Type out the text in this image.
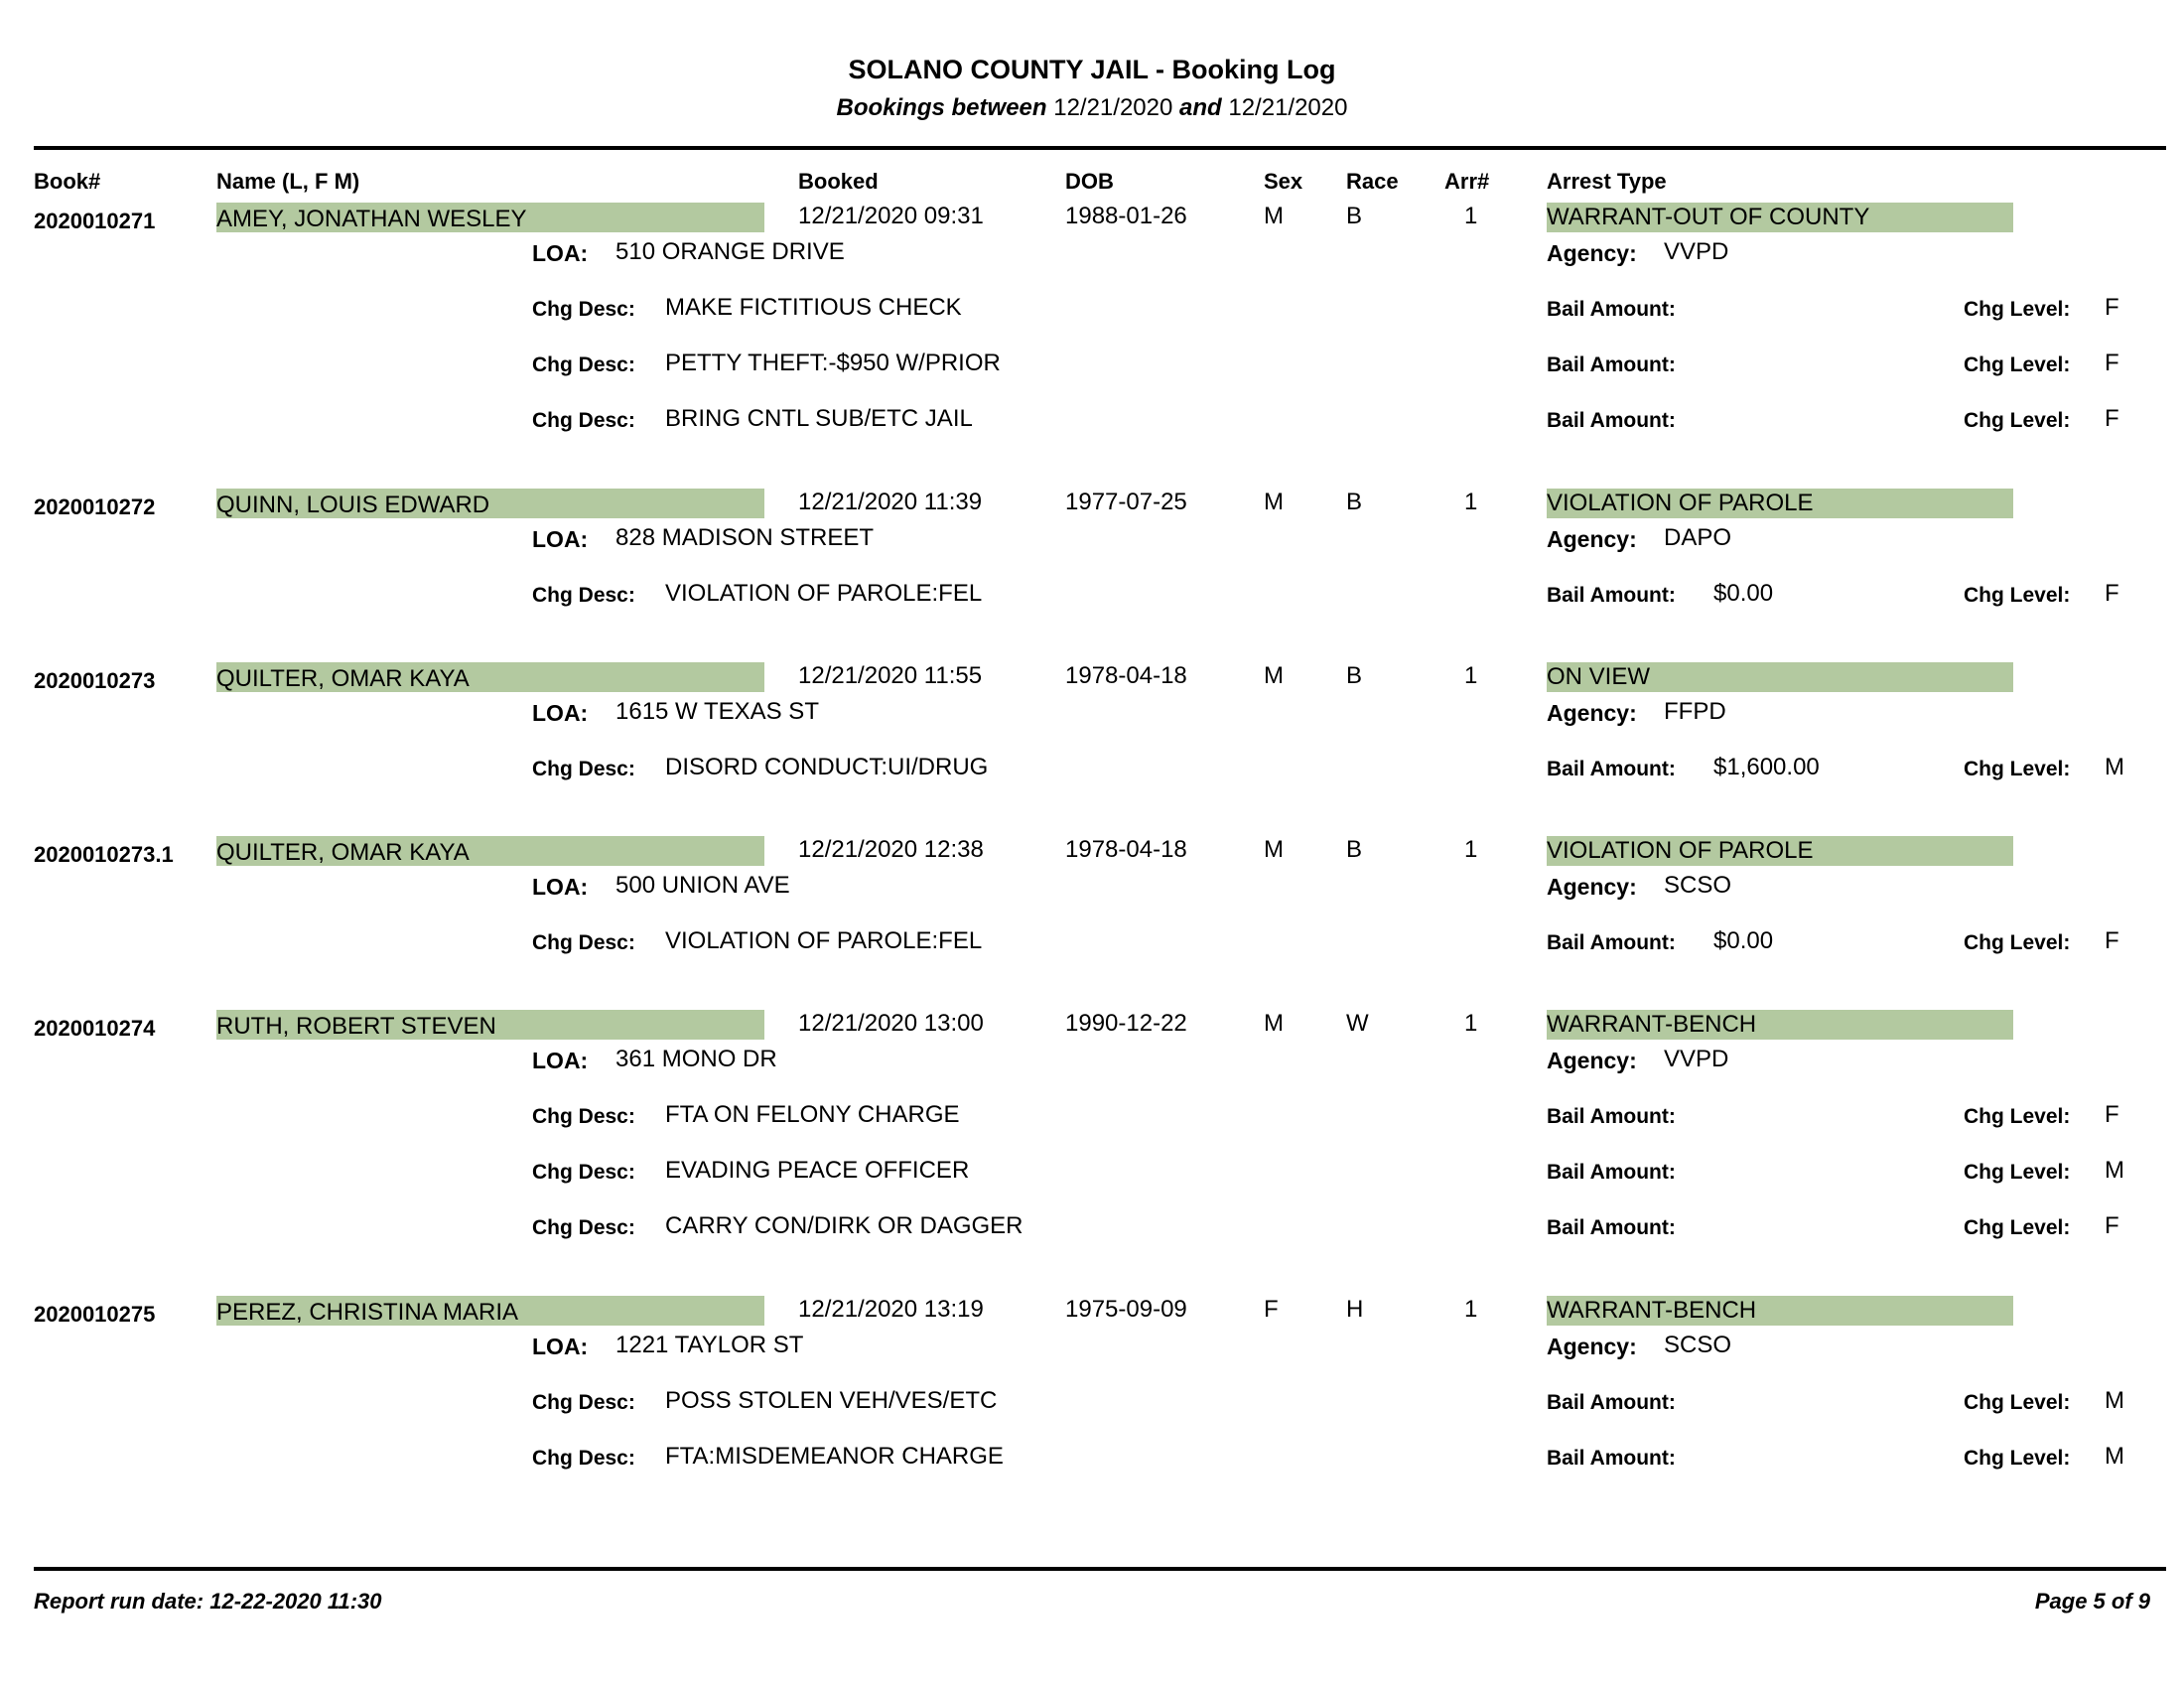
SOLANO COUNTY JAIL - Booking Log
Bookings between 12/21/2020 and 12/21/2020
Book#	Name (L, F M)	Booked	DOB	Sex Race Arr#	Arrest Type
2020010271	AMEY, JONATHAN WESLEY	12/21/2020 09:31	1988-01-26	M	B	1	WARRANT-OUT OF COUNTY
LOA: 510 ORANGE DRIVE	Agency: VVPD
Chg Desc: MAKE FICTITIOUS CHECK	Bail Amount:	Chg Level: F
Chg Desc: PETTY THEFT:-$950 W/PRIOR	Bail Amount:	Chg Level: F
Chg Desc: BRING CNTL SUB/ETC JAIL	Bail Amount:	Chg Level: F
2020010272	QUINN, LOUIS EDWARD	12/21/2020 11:39	1977-07-25	M	B	1	VIOLATION OF PAROLE
LOA: 828 MADISON STREET	Agency: DAPO
Chg Desc: VIOLATION OF PAROLE:FEL	Bail Amount: $0.00	Chg Level: F
2020010273	QUILTER, OMAR KAYA	12/21/2020 11:55	1978-04-18	M	B	1	ON VIEW
LOA: 1615 W TEXAS ST	Agency: FFPD
Chg Desc: DISORD CONDUCT:UI/DRUG	Bail Amount: $1,600.00	Chg Level: M
2020010273.1 QUILTER, OMAR KAYA	12/21/2020 12:38	1978-04-18	M	B	1	VIOLATION OF PAROLE
LOA: 500 UNION AVE	Agency: SCSO
Chg Desc: VIOLATION OF PAROLE:FEL	Bail Amount: $0.00	Chg Level: F
2020010274	RUTH, ROBERT STEVEN	12/21/2020 13:00	1990-12-22	M	W	1	WARRANT-BENCH
LOA: 361 MONO DR	Agency: VVPD
Chg Desc: FTA ON FELONY CHARGE	Bail Amount:	Chg Level: F
Chg Desc: EVADING PEACE OFFICER	Bail Amount:	Chg Level: M
Chg Desc: CARRY CON/DIRK OR DAGGER	Bail Amount:	Chg Level: F
2020010275	PEREZ, CHRISTINA MARIA	12/21/2020 13:19	1975-09-09	F	H	1	WARRANT-BENCH
LOA: 1221 TAYLOR ST	Agency: SCSO
Chg Desc: POSS STOLEN VEH/VES/ETC	Bail Amount:	Chg Level: M
Chg Desc: FTA:MISDEMEANOR CHARGE	Bail Amount:	Chg Level: M
Report run date: 12-22-2020 11:30	Page 5 of 9
